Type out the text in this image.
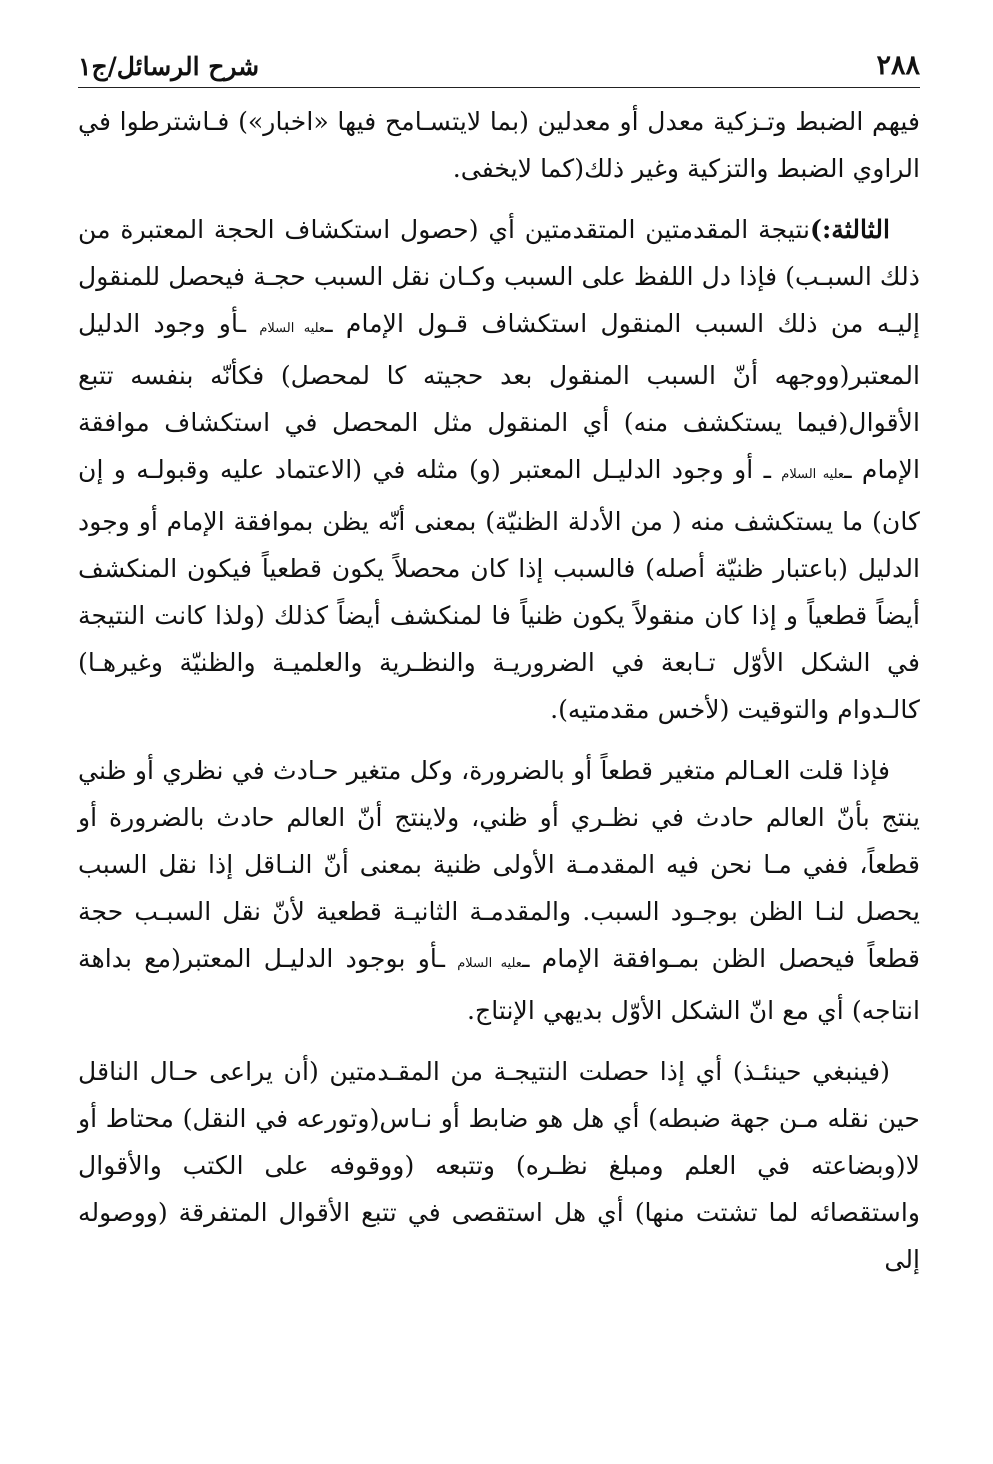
٢٨٨
شرح الرسائل/ج١

فيهم الضبط وتـزكية معدل أو معدلين (بما لايتسـامح فيها «اخبار») فـاشترطوا في الراوي الضبط والتزكية وغير ذلك(كما لايخفى.

الثالثة:)نتيجة المقدمتين المتقدمتين أي (حصول استكشاف الحجة المعتبرة من ذلك السبـب) فإذا دل اللفظ على السبب وكـان نقل السبب حجـة فيحصل للمنقول إليـه من ذلك السبب المنقول استكشاف قـول الإمام ـعليه السلام ـأو وجود الدليل المعتبر(ووجهه أنّ السبب المنقول بعد حجيته كا لمحصل) فكأنّه بنفسه تتبع الأقوال(فيما يستكشف منه) أي المنقول مثل المحصل في استكشاف موافقة الإمام ـعليه السلام ـ أو وجود الدليـل المعتبر (و) مثله في (الاعتماد عليه وقبولـه و إن كان) ما يستكشف منه ( من الأدلة الظنيّة) بمعنى أنّه يظن بموافقة الإمام أو وجود الدليل (باعتبار ظنيّة أصله) فالسبب إذا كان محصلاً يكون قطعياً فيكون المنكشف أيضاً قطعياً و إذا كان منقولاً يكون ظنياً فا لمنكشف أيضاً كذلك (ولذا كانت النتيجة في الشكل الأوّل تـابعة في الضروريـة والنظـرية والعلميـة والظنيّة وغيرهـا) كالـدوام والتوقيت (لأخس مقدمتيه).

فإذا قلت العـالم متغير قطعاً أو بالضرورة، وكل متغير حـادث في نظري أو ظني ينتج بأنّ العالم حادث في نظـري أو ظني، ولاينتج أنّ العالم حادث بالضرورة أو قطعاً، ففي مـا نحن فيه المقدمـة الأولى ظنية بمعنى أنّ النـاقل إذا نقل السبب يحصل لنـا الظن بوجـود السبب. والمقدمـة الثانيـة قطعية لأنّ نقل السبـب حجة قطعاً فيحصل الظن بمـوافقة الإمام ـعليه السلام ـأو بوجود الدليـل المعتبر(مع بداهة انتاجه) أي مع انّ الشكل الأوّل بديهي الإنتاج.

(فينبغي حينئـذ) أي إذا حصلت النتيجـة من المقـدمتين (أن يراعى حـال الناقل حين نقله مـن جهة ضبطه) أي هل هو ضابط أو نـاس(وتورعه في النقل) محتاط أو لا(وبضاعته في العلم ومبلغ نظـره) وتتبعه (ووقوفه على الكتب والأقوال واستقصائه لما تشتت منها) أي هل استقصى في تتبع الأقوال المتفرقة (ووصوله إلى
